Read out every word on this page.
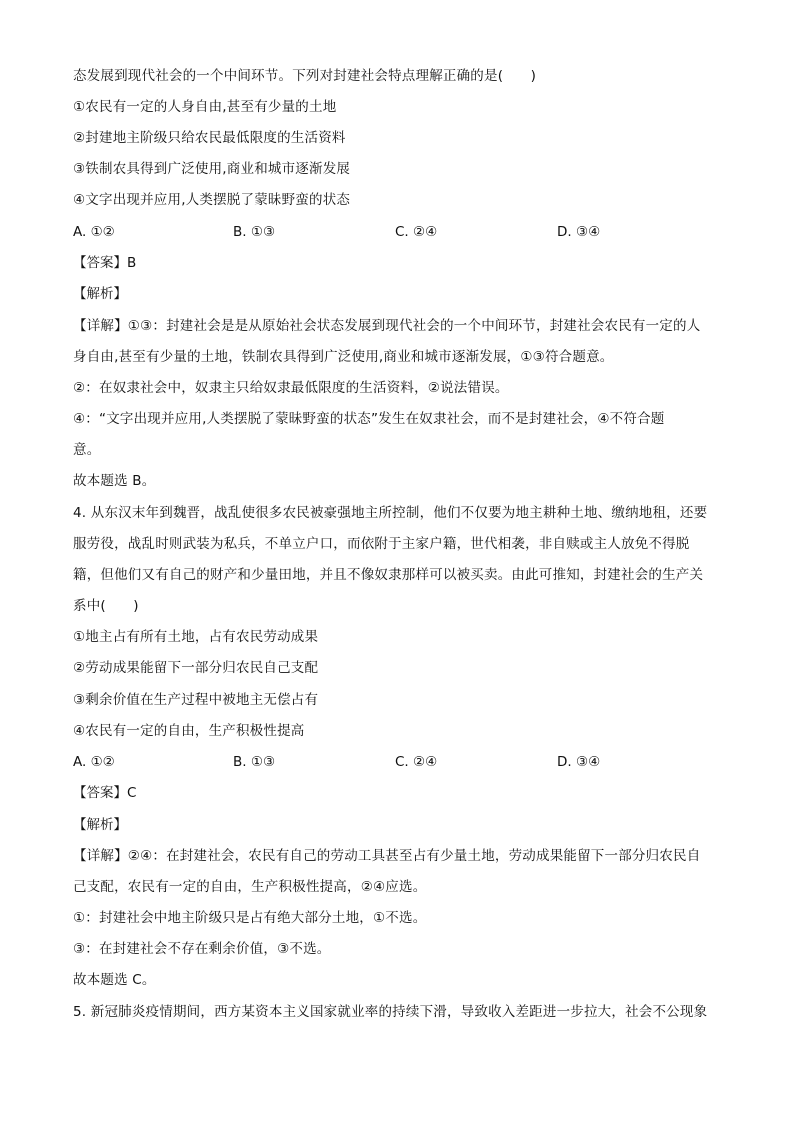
态发展到现代社会的一个中间环节。下列对封建社会特点理解正确的是(　　)
①农民有一定的人身自由,甚至有少量的土地
②封建地主阶级只给农民最低限度的生活资料
③铁制农具得到广泛使用,商业和城市逐渐发展
④文字出现并应用,人类摆脱了蒙昧野蛮的状态
A. ①②	B. ①③	C. ②④	D. ③④
【答案】B
【解析】
【详解】①③：封建社会是是从原始社会状态发展到现代社会的一个中间环节，封建社会农民有一定的人
身自由,甚至有少量的土地，铁制农具得到广泛使用,商业和城市逐渐发展，①③符合题意。
②：在奴隶社会中，奴隶主只给奴隶最低限度的生活资料，②说法错误。
④：“文字出现并应用,人类摆脱了蒙昧野蛮的状态”发生在奴隶社会，而不是封建社会，④不符合题
意。
故本题选 B。
4. 从东汉末年到魏晋，战乱使很多农民被豪强地主所控制，他们不仅要为地主耕种土地、缴纳地租，还要
服劳役，战乱时则武装为私兵，不单立户口，而依附于主家户籍，世代相袭，非自赎或主人放免不得脱
籍，但他们又有自己的财产和少量田地，并且不像奴隶那样可以被买卖。由此可推知，封建社会的生产关
系中(　　)
①地主占有所有土地，占有农民劳动成果
②劳动成果能留下一部分归农民自己支配
③剩余价值在生产过程中被地主无偿占有
④农民有一定的自由，生产积极性提高
A. ①②	B. ①③	C. ②④	D. ③④
【答案】C
【解析】
【详解】②④：在封建社会，农民有自己的劳动工具甚至占有少量土地，劳动成果能留下一部分归农民自
己支配，农民有一定的自由，生产积极性提高，②④应选。
①：封建社会中地主阶级只是占有绝大部分土地，①不选。
③：在封建社会不存在剩余价值，③不选。
故本题选 C。
5. 新冠肺炎疫情期间，西方某资本主义国家就业率的持续下滑，导致收入差距进一步拉大，社会不公现象
